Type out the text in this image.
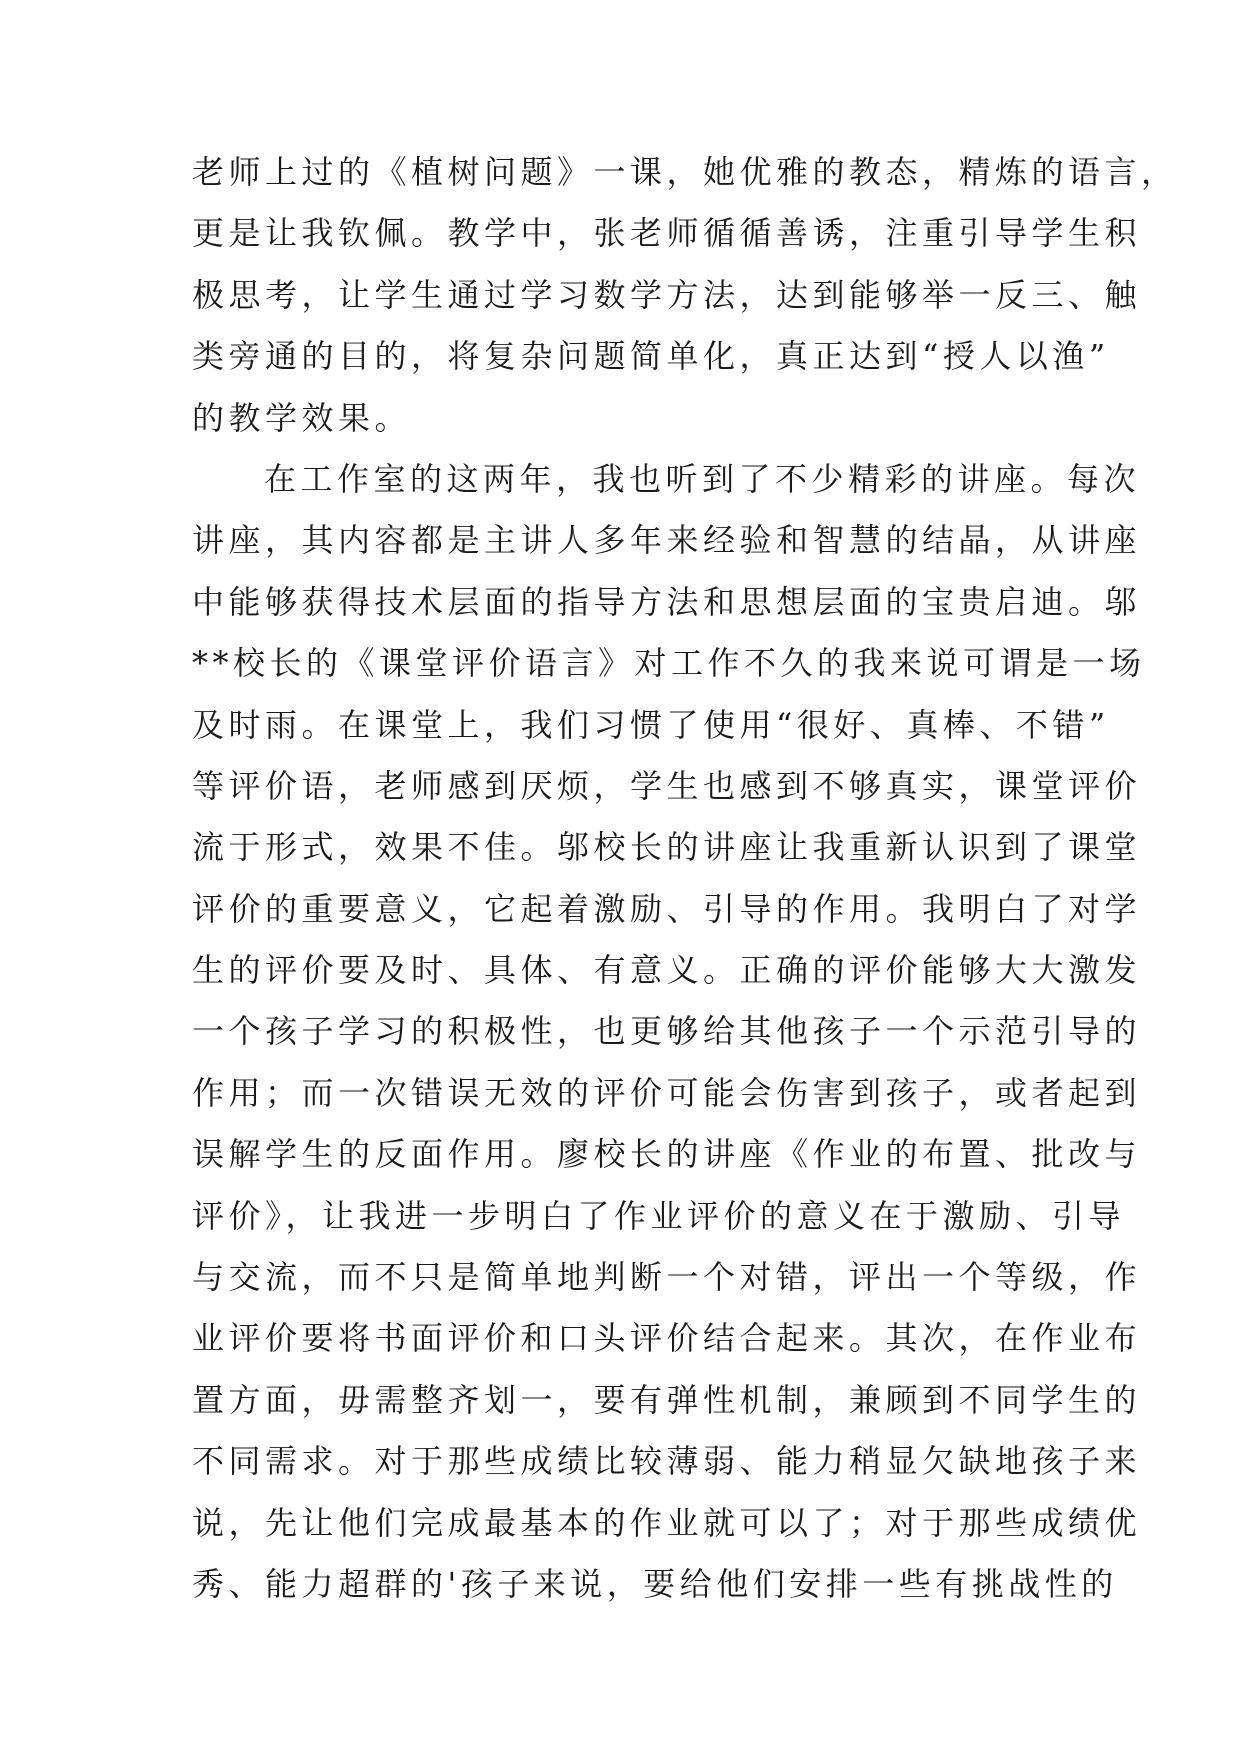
老师上过的《植树问题》一课，她优雅的教态，精炼的语言，
更是让我钦佩。教学中，张老师循循善诱，注重引导学生积
极思考，让学生通过学习数学方法，达到能够举一反三、触
类旁通的目的，将复杂问题简单化，真正达到“授人以渔”
的教学效果。
在工作室的这两年，我也听到了不少精彩的讲座。每次
讲座，其内容都是主讲人多年来经验和智慧的结晶，从讲座
中能够获得技术层面的指导方法和思想层面的宝贵启迪。邬
**校长的《课堂评价语言》对工作不久的我来说可谓是一场
及时雨。在课堂上，我们习惯了使用“很好、真棒、不错”
等评价语，老师感到厌烦，学生也感到不够真实，课堂评价
流于形式，效果不佳。邬校长的讲座让我重新认识到了课堂
评价的重要意义，它起着激励、引导的作用。我明白了对学
生的评价要及时、具体、有意义。正确的评价能够大大激发
一个孩子学习的积极性，也更够给其他孩子一个示范引导的
作用；而一次错误无效的评价可能会伤害到孩子，或者起到
误解学生的反面作用。廖校长的讲座《作业的布置、批改与
评价》，让我进一步明白了作业评价的意义在于激励、引导
与交流，而不只是简单地判断一个对错，评出一个等级，作
业评价要将书面评价和口头评价结合起来。其次，在作业布
置方面，毋需整齐划一，要有弹性机制，兼顾到不同学生的
不同需求。对于那些成绩比较薄弱、能力稍显欠缺地孩子来
说，先让他们完成最基本的作业就可以了；对于那些成绩优
秀、能力超群的'孩子来说，要给他们安排一些有挑战性的
